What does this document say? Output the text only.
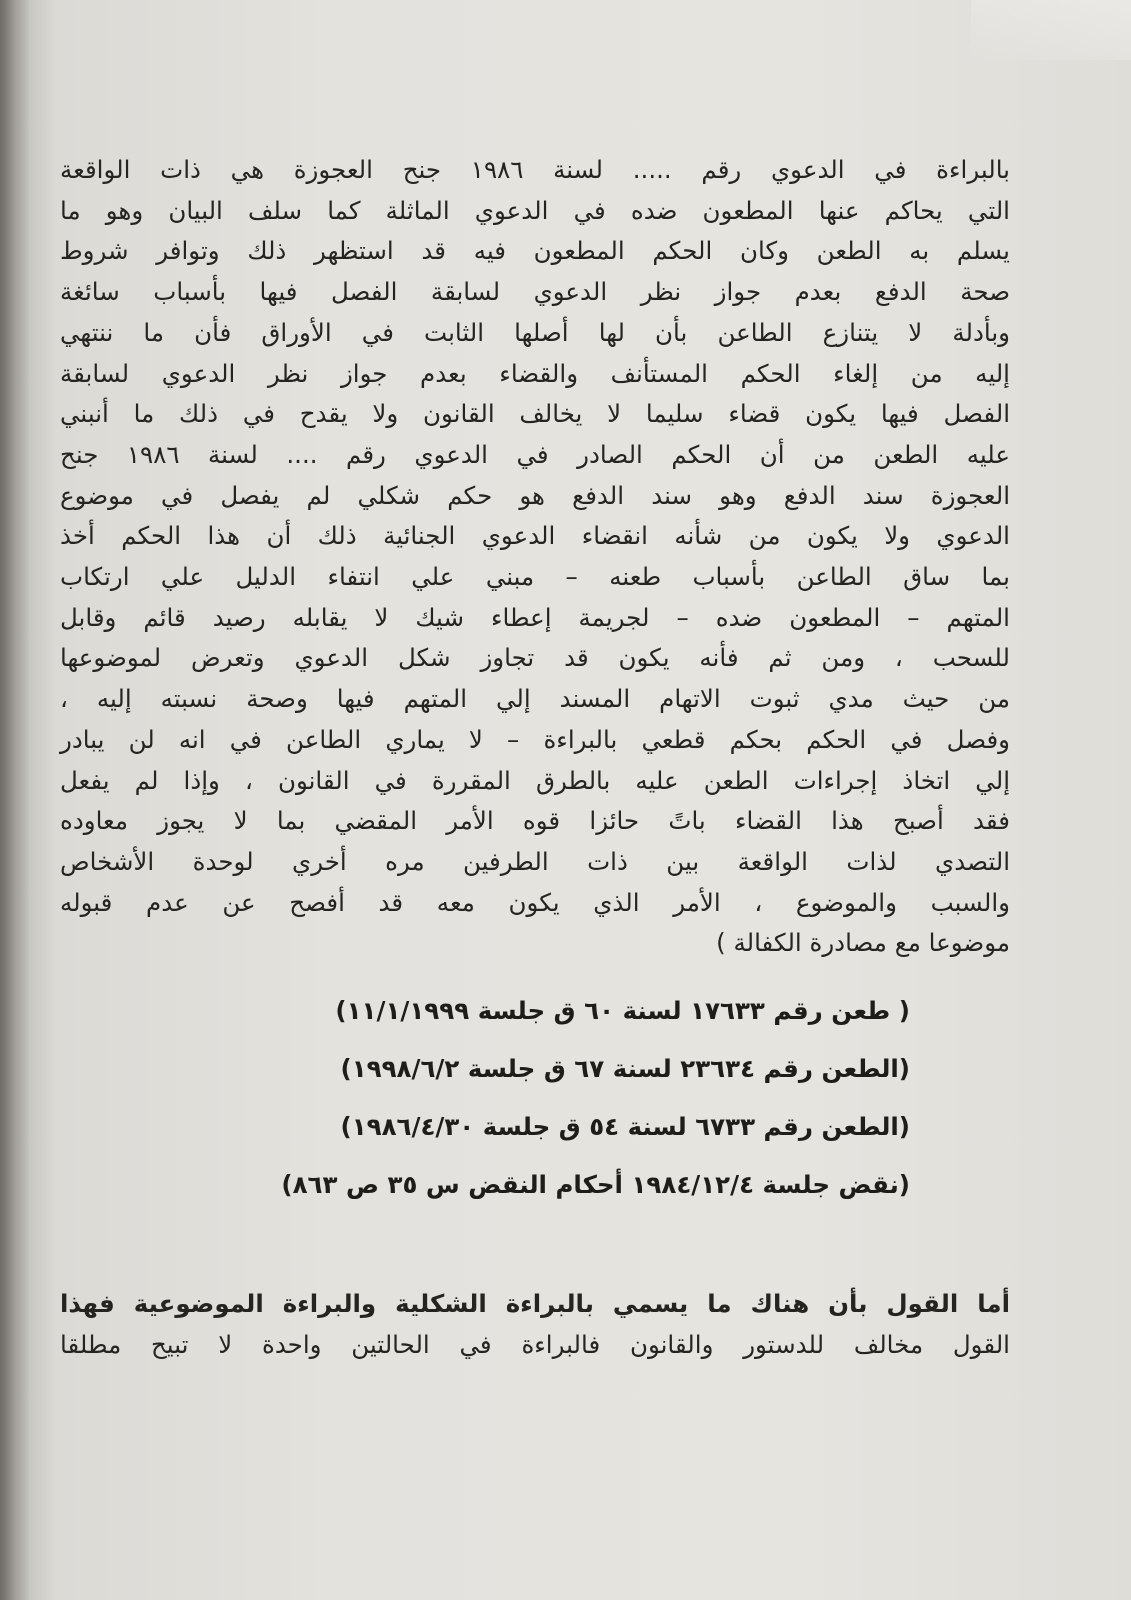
بالبراءة في الدعوي رقم ..... لسنة ١٩٨٦ جنح العجوزة هي ذات الواقعة
التي يحاكم عنها المطعون ضده في الدعوي الماثلة كما سلف البيان وهو ما
يسلم به الطعن وكان الحكم المطعون فيه قد استظهر ذلك وتوافر شروط
صحة الدفع بعدم جواز نظر الدعوي لسابقة الفصل فيها بأسباب سائغة
وبأدلة لا يتنازع الطاعن بأن لها أصلها الثابت في الأوراق فأن ما ننتهي
إليه من إلغاء الحكم المستأنف والقضاء بعدم جواز نظر الدعوي لسابقة
الفصل فيها يكون قضاء سليما لا يخالف القانون ولا يقدح في ذلك ما أنبني
عليه الطعن من أن الحكم الصادر في الدعوي رقم .... لسنة ١٩٨٦ جنح
العجوزة سند الدفع وهو سند الدفع هو حكم شكلي لم يفصل في موضوع
الدعوي ولا يكون من شأنه انقضاء الدعوي الجنائية ذلك أن هذا الحكم أخذ
بما ساق الطاعن بأسباب طعنه – مبني علي انتفاء الدليل علي ارتكاب
المتهم – المطعون ضده – لجريمة إعطاء شيك لا يقابله رصيد قائم وقابل
للسحب ، ومن ثم فأنه يكون قد تجاوز شكل الدعوي وتعرض لموضوعها
من حيث مدي ثبوت الاتهام المسند إلي المتهم فيها وصحة نسبته إليه ،
وفصل في الحكم بحكم قطعي بالبراءة – لا يماري الطاعن في انه لن يبادر
إلي اتخاذ إجراءات الطعن عليه بالطرق المقررة في القانون ، وإذا لم يفعل
فقد أصبح هذا القضاء باتً حائزا قوه الأمر المقضي بما لا يجوز معاوده
التصدي لذات الواقعة بين ذات الطرفين مره أخري لوحدة الأشخاص
والسبب والموضوع ، الأمر الذي يكون معه قد أفصح عن عدم قبوله
موضوعا مع مصادرة الكفالة )
( طعن رقم ١٧٦٣٣ لسنة ٦٠ ق جلسة ١١/١/١٩٩٩)
(الطعن رقم ٢٣٦٣٤ لسنة ٦٧ ق جلسة ١٩٩٨/٦/٢)
(الطعن رقم ٦٧٣٣ لسنة ٥٤ ق جلسة ١٩٨٦/٤/٣٠)
(نقض جلسة ١٩٨٤/١٢/٤ أحكام النقض س ٣٥ ص ٨٦٣)
أما القول بأن هناك ما يسمي بالبراءة الشكلية والبراءة الموضوعية فهذا
القول مخالف للدستور والقانون فالبراءة في الحالتين واحدة لا تبيح مطلقا
